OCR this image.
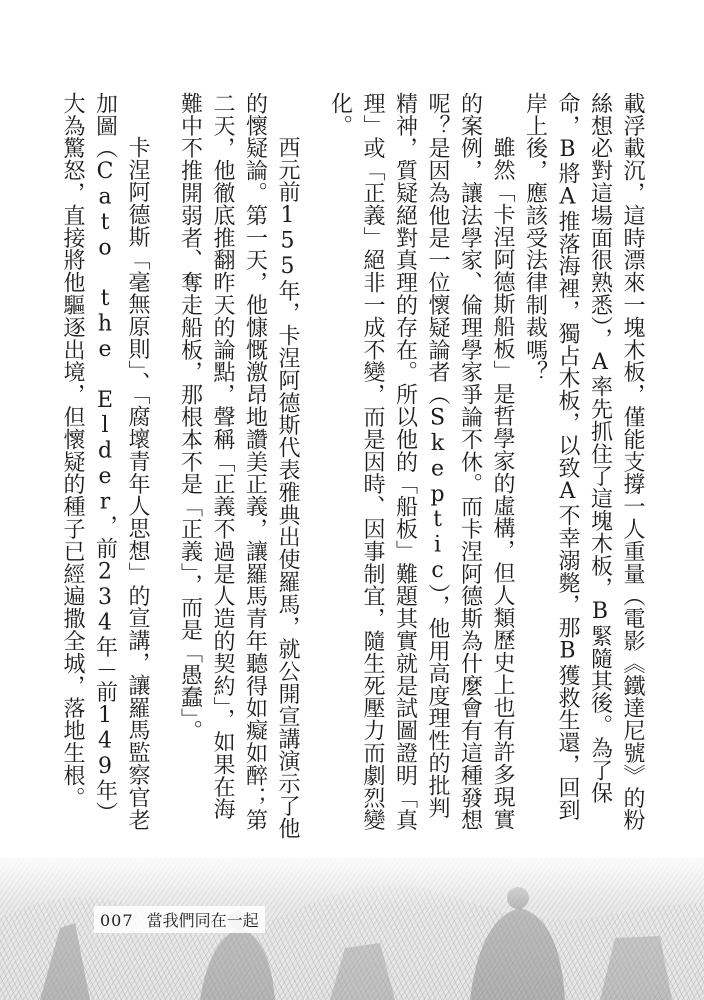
載浮載沉，這時漂來一塊木板，僅能支撐一人重量（電影《鐵達尼號》的粉絲想必對這場面很熟悉），A率先抓住了這塊木板，B緊隨其後。為了保命，B將A推落海裡，獨占木板，以致A不幸溺斃，那B獲救生還，回到岸上後，應該受法律制裁嗎？

雖然「卡涅阿德斯船板」是哲學家的虛構，但人類歷史上也有許多現實的案例，讓法學家、倫理學家爭論不休。而卡涅阿德斯為什麼會有這種發想呢？是因為他是一位懷疑論者（Skeptic），他用高度理性的批判精神，質疑絕對真理的存在。所以他的「船板」難題其實就是試圖證明「真理」或「正義」絕非一成不變，而是因時、因事制宜，隨生死壓力而劇烈變化。

西元前155年，卡涅阿德斯代表雅典出使羅馬，就公開宣講演示了他的懷疑論。第一天，他慷慨激昂地讚美正義，讓羅馬青年聽得如癡如醉；第二天，他徹底推翻昨天的論點，聲稱「正義不過是人造的契約」，如果在海難中不推開弱者、奪走船板，那根本不是「正義」，而是「愚蠢」。

卡涅阿德斯「毫無原則」、「腐壞青年人思想」的宣講，讓羅馬監察官老加圖（Cato the Elder，前234年－前149年）大為驚怒，直接將他驅逐出境，但懷疑的種子已經遍撒全城，落地生根。

007 當我們同在一起
